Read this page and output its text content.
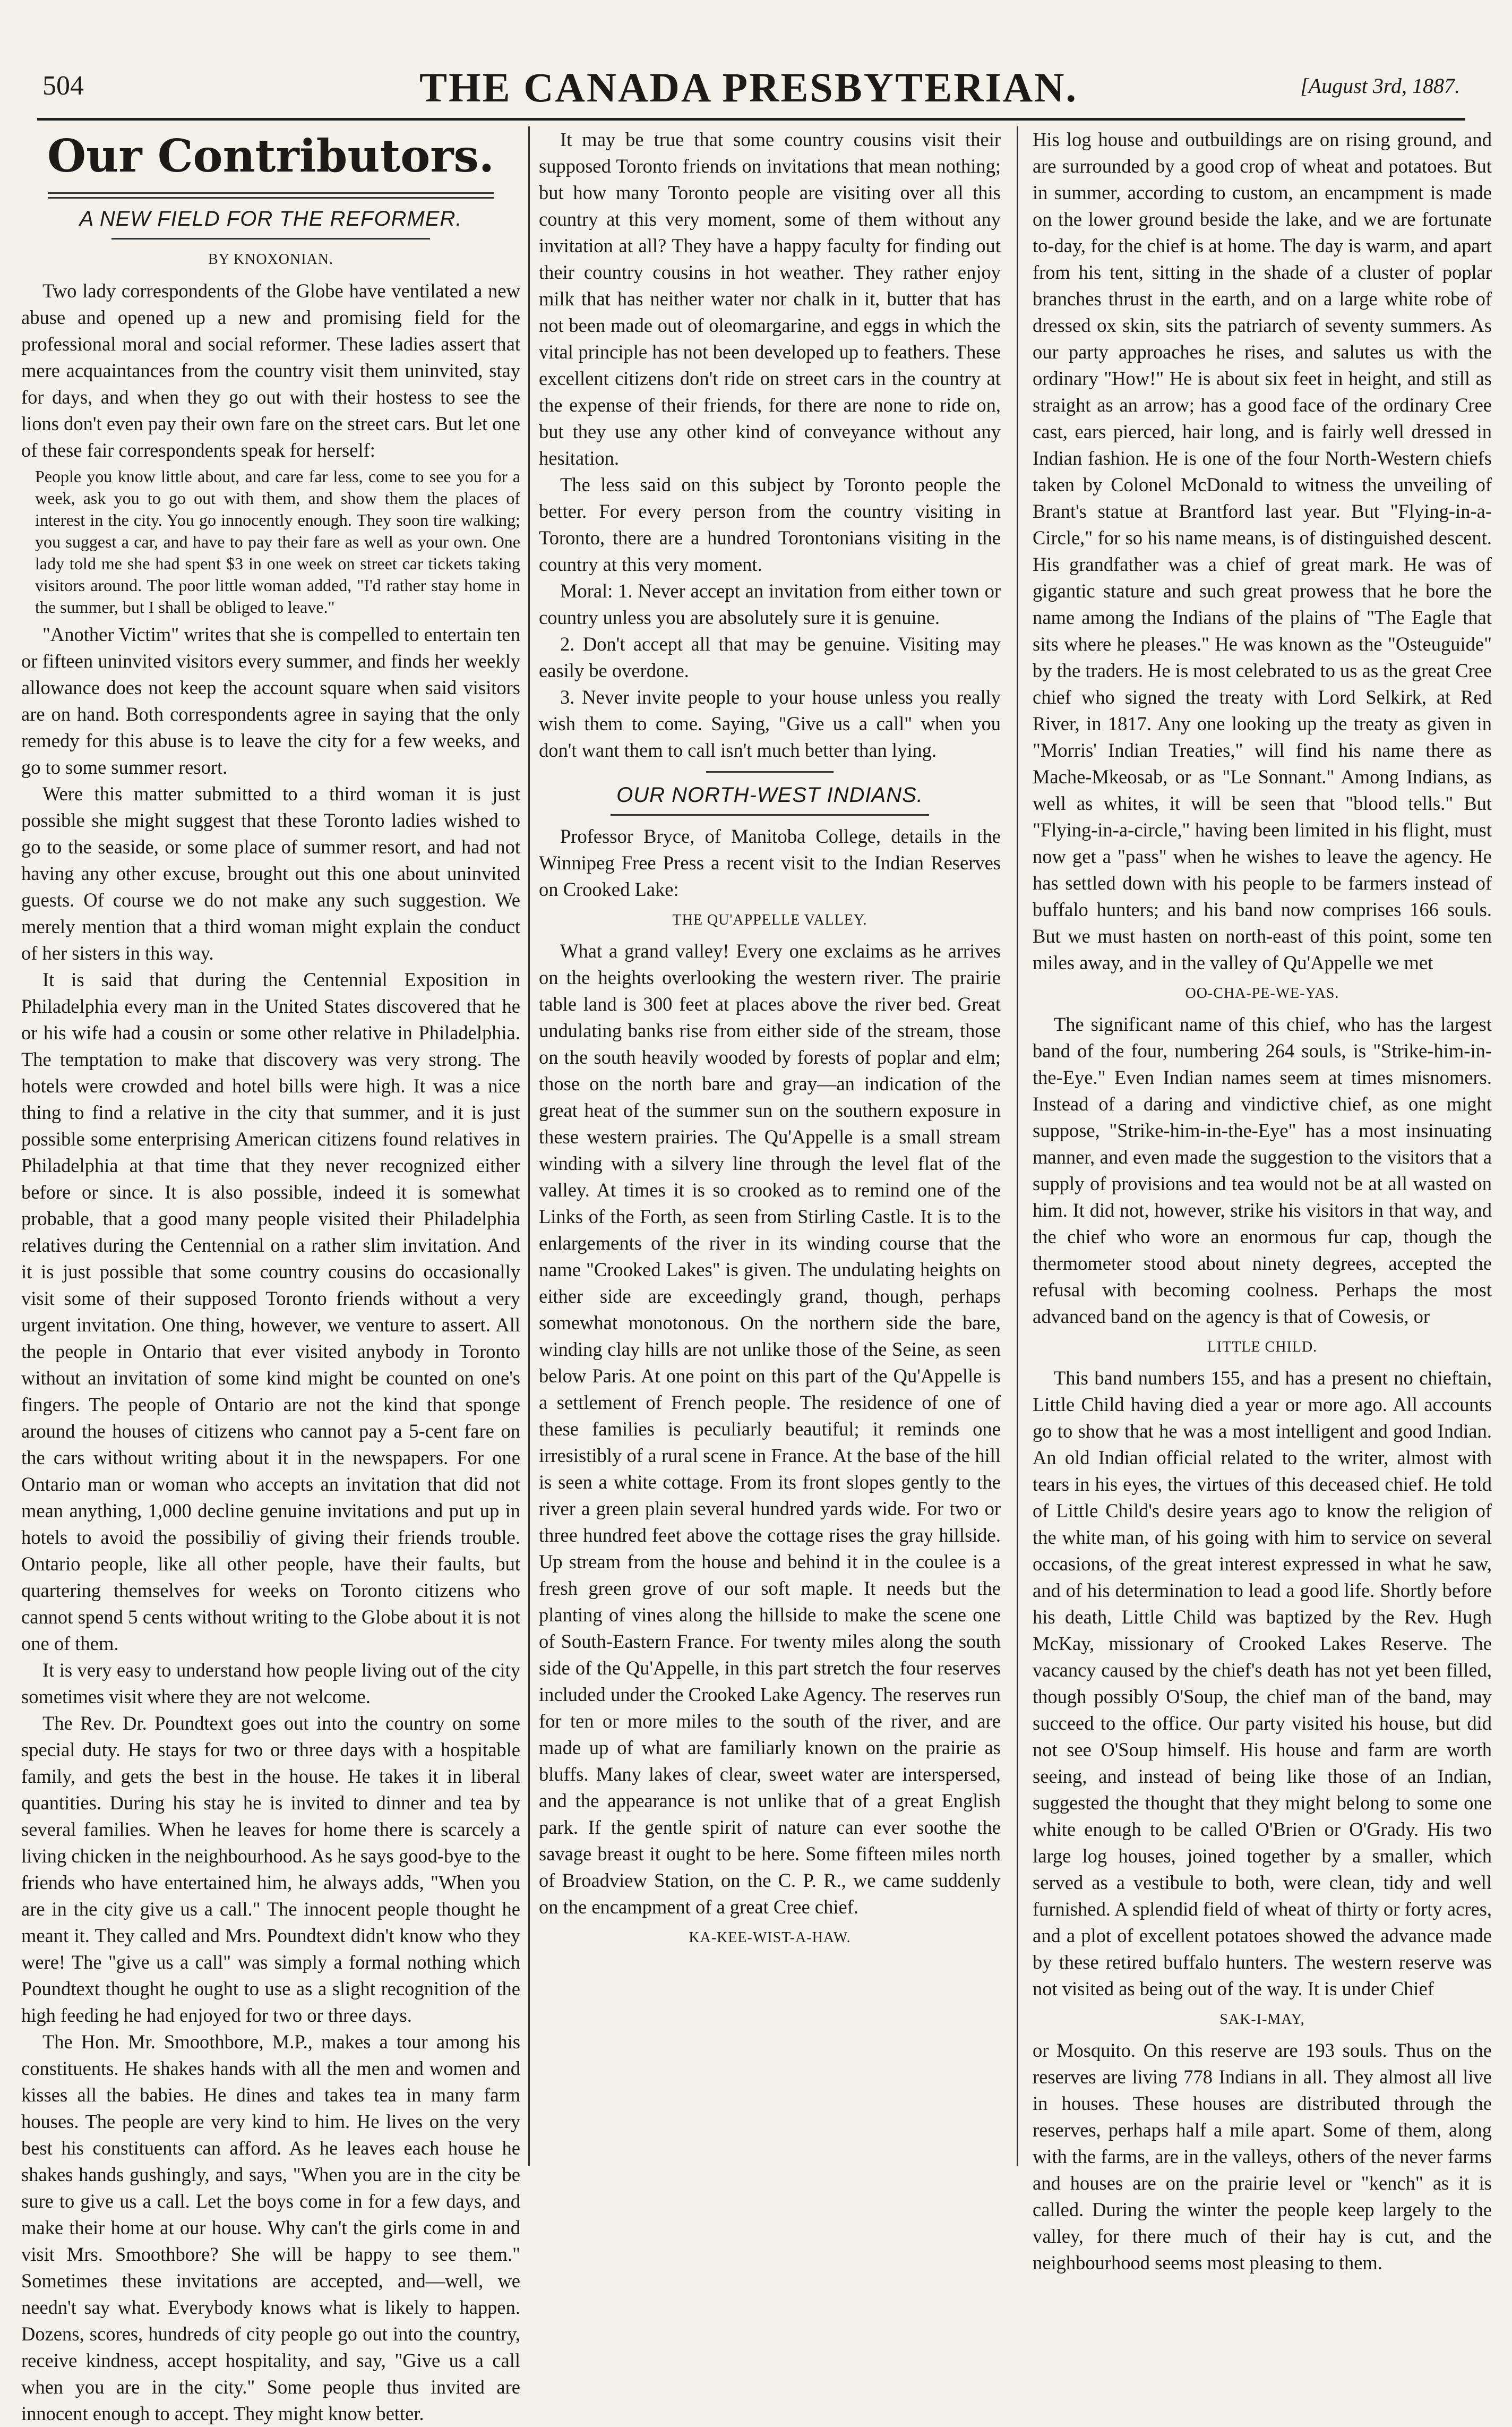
504	THE CANADA PRESBYTERIAN.	[August 3rd, 1887.
Our Contributors.
A NEW FIELD FOR THE REFORMER.
BY KNOXONIAN.

Two lady correspondents of the Globe have ventilated a new abuse and opened up a new and promising field for the professional moral and social reformer. These ladies assert that mere acquaintances from the country visit them uninvited, stay for days, and when they go out with their hostess to see the lions don't even pay their own fare on the street cars. But let one of these fair correspondents speak for herself:

People you know little about, and care far less, come to see you for a week, ask you to go out with them, and show them the places of interest in the city. You go innocently enough. They soon tire walking; you suggest a car, and have to pay their fare as well as your own. One lady told me she had spent $3 in one week on street car tickets taking visitors around. The poor little woman added, "I'd rather stay home in the summer, but I shall be obliged to leave."

"Another Victim" writes that she is compelled to entertain ten or fifteen uninvited visitors every summer, and finds her weekly allowance does not keep the account square when said visitors are on hand. Both correspondents agree in saying that the only remedy for this abuse is to leave the city for a few weeks, and go to some summer resort.

Were this matter submitted to a third woman it is just possible she might suggest that these Toronto ladies wished to go to the seaside, or some place of summer resort, and had not having any other excuse, brought out this one about uninvited guests. Of course we do not make any such suggestion. We merely mention that a third woman might explain the conduct of her sisters in this way.

It is said that during the Centennial Exposition in Philadelphia every man in the United States discovered that he or his wife had a cousin or some other relative in Philadelphia. The temptation to make that discovery was very strong. The hotels were crowded and hotel bills were high. It was a nice thing to find a relative in the city that summer, and it is just possible some enterprising American citizens found relatives in Philadelphia at that time that they never recognized either before or since. It is also possible, indeed it is somewhat probable, that a good many people visited their Philadelphia relatives during the Centennial on a rather slim invitation. And it is just possible that some country cousins do occasionally visit some of their supposed Toronto friends without a very urgent invitation. One thing, however, we venture to assert. All the people in Ontario that ever visited anybody in Toronto without an invitation of some kind might be counted on one's fingers. The people of Ontario are not the kind that sponge around the houses of citizens who cannot pay a 5-cent fare on the cars without writing about it in the newspapers. For one Ontario man or woman who accepts an invitation that did not mean anything, 1,000 decline genuine invitations and put up in hotels to avoid the possibiliy of giving their friends trouble. Ontario people, like all other people, have their faults, but quartering themselves for weeks on Toronto citizens who cannot spend 5 cents without writing to the Globe about it is not one of them.

It is very easy to understand how people living out of the city sometimes visit where they are not welcome.

The Rev. Dr. Poundtext goes out into the country on some special duty. He stays for two or three days with a hospitable family, and gets the best in the house. He takes it in liberal quantities. During his stay he is invited to dinner and tea by several families. When he leaves for home there is scarcely a living chicken in the neighbourhood. As he says good-bye to the friends who have entertained him, he always adds, "When you are in the city give us a call." The innocent people thought he meant it. They called and Mrs. Poundtext didn't know who they were! The "give us a call" was simply a formal nothing which Poundtext thought he ought to use as a slight recognition of the high feeding he had enjoyed for two or three days.

The Hon. Mr. Smoothbore, M.P., makes a tour among his constituents. He shakes hands with all the men and women and kisses all the babies. He dines and takes tea in many farm houses. The people are very kind to him. He lives on the very best his constituents can afford. As he leaves each house he shakes hands gushingly, and says, "When you are in the city be sure to give us a call. Let the boys come in for a few days, and make their home at our house. Why can't the girls come in and visit Mrs. Smoothbore? She will be happy to see them." Sometimes these invitations are accepted, and—well, we needn't say what. Everybody knows what is likely to happen. Dozens, scores, hundreds of city people go out into the country, receive kindness, accept hospitality, and say, "Give us a call when you are in the city." Some people thus invited are innocent enough to accept. They might know better.

It may be true that some country cousins visit their supposed Toronto friends on invitations that mean nothing; but how many Toronto people are visiting over all this country at this very moment, some of them without any invitation at all? They have a happy faculty for finding out their country cousins in hot weather. They rather enjoy milk that has neither water nor chalk in it, butter that has not been made out of oleomargarine, and eggs in which the vital principle has not been developed up to feathers. These excellent citizens don't ride on street cars in the country at the expense of their friends, for there are none to ride on, but they use any other kind of conveyance without any hesitation.

The less said on this subject by Toronto people the better. For every person from the country visiting in Toronto, there are a hundred Torontonians visiting in the country at this very moment.

Moral: 1. Never accept an invitation from either town or country unless you are absolutely sure it is genuine.

2. Don't accept all that may be genuine. Visiting may easily be overdone.

3. Never invite people to your house unless you really wish them to come. Saying, "Give us a call" when you don't want them to call isn't much better than lying.

OUR NORTH-WEST INDIANS.

Professor Bryce, of Manitoba College, details in the Winnipeg Free Press a recent visit to the Indian Reserves on Crooked Lake:

THE QU'APPELLE VALLEY.

What a grand valley! Every one exclaims as he arrives on the heights overlooking the western river. The prairie table land is 300 feet at places above the river bed. Great undulating banks rise from either side of the stream, those on the south heavily wooded by forests of poplar and elm; those on the north bare and gray—an indication of the great heat of the summer sun on the southern exposure in these western prairies. The Qu'Appelle is a small stream winding with a silvery line through the level flat of the valley. At times it is so crooked as to remind one of the Links of the Forth, as seen from Stirling Castle. It is to the enlargements of the river in its winding course that the name "Crooked Lakes" is given. The undulating heights on either side are exceedingly grand, though, perhaps somewhat monotonous. On the northern side the bare, winding clay hills are not unlike those of the Seine, as seen below Paris. At one point on this part of the Qu'Appelle is a settlement of French people. The residence of one of these families is peculiarly beautiful; it reminds one irresistibly of a rural scene in France. At the base of the hill is seen a white cottage. From its front slopes gently to the river a green plain several hundred yards wide. For two or three hundred feet above the cottage rises the gray hillside. Up stream from the house and behind it in the coulee is a fresh green grove of our soft maple. It needs but the planting of vines along the hillside to make the scene one of South-Eastern France. For twenty miles along the south side of the Qu'Appelle, in this part stretch the four reserves included under the Crooked Lake Agency. The reserves run for ten or more miles to the south of the river, and are made up of what are familiarly known on the prairie as bluffs. Many lakes of clear, sweet water are interspersed, and the appearance is not unlike that of a great English park. If the gentle spirit of nature can ever soothe the savage breast it ought to be here. Some fifteen miles north of Broadview Station, on the C. P. R., we came suddenly on the encampment of a great Cree chief.

KA-KEE-WIST-A-HAW.

His log house and outbuildings are on rising ground, and are surrounded by a good crop of wheat and potatoes. But in summer, according to custom, an encampment is made on the lower ground beside the lake, and we are fortunate to-day, for the chief is at home. The day is warm, and apart from his tent, sitting in the shade of a cluster of poplar branches thrust in the earth, and on a large white robe of dressed ox skin, sits the patriarch of seventy summers. As our party approaches he rises, and salutes us with the ordinary "How!" He is about six feet in height, and still as straight as an arrow; has a good face of the ordinary Cree cast, ears pierced, hair long, and is fairly well dressed in Indian fashion. He is one of the four North-Western chiefs taken by Colonel McDonald to witness the unveiling of Brant's statue at Brantford last year. But "Flying-in-a-Circle," for so his name means, is of distinguished descent. His grandfather was a chief of great mark. He was of gigantic stature and such great prowess that he bore the name among the Indians of the plains of "The Eagle that sits where he pleases." He was known as the "Osteuguide" by the traders. He is most celebrated to us as the great Cree chief who signed the treaty with Lord Selkirk, at Red River, in 1817. Any one looking up the treaty as given in "Morris' Indian Treaties," will find his name there as Mache-Mkeosab, or as "Le Sonnant." Among Indians, as well as whites, it will be seen that "blood tells." But "Flying-in-a-circle," having been limited in his flight, must now get a "pass" when he wishes to leave the agency. He has settled down with his people to be farmers instead of buffalo hunters; and his band now comprises 166 souls. But we must hasten on north-east of this point, some ten miles away, and in the valley of Qu'Appelle we met

OO-CHA-PE-WE-YAS.

The significant name of this chief, who has the largest band of the four, numbering 264 souls, is "Strike-him-in-the-Eye." Even Indian names seem at times misnomers. Instead of a daring and vindictive chief, as one might suppose, "Strike-him-in-the-Eye" has a most insinuating manner, and even made the suggestion to the visitors that a supply of provisions and tea would not be at all wasted on him. It did not, however, strike his visitors in that way, and the chief who wore an enormous fur cap, though the thermometer stood about ninety degrees, accepted the refusal with becoming coolness. Perhaps the most advanced band on the agency is that of Cowesis, or

LITTLE CHILD.

This band numbers 155, and has a present no chieftain, Little Child having died a year or more ago. All accounts go to show that he was a most intelligent and good Indian. An old Indian official related to the writer, almost with tears in his eyes, the virtues of this deceased chief. He told of Little Child's desire years ago to know the religion of the white man, of his going with him to service on several occasions, of the great interest expressed in what he saw, and of his determination to lead a good life. Shortly before his death, Little Child was baptized by the Rev. Hugh McKay, missionary of Crooked Lakes Reserve. The vacancy caused by the chief's death has not yet been filled, though possibly O'Soup, the chief man of the band, may succeed to the office. Our party visited his house, but did not see O'Soup himself. His house and farm are worth seeing, and instead of being like those of an Indian, suggested the thought that they might belong to some one white enough to be called O'Brien or O'Grady. His two large log houses, joined together by a smaller, which served as a vestibule to both, were clean, tidy and well furnished. A splendid field of wheat of thirty or forty acres, and a plot of excellent potatoes showed the advance made by these retired buffalo hunters. The western reserve was not visited as being out of the way. It is under Chief

SAK-I-MAY,

or Mosquito. On this reserve are 193 souls. Thus on the reserves are living 778 Indians in all. They almost all live in houses. These houses are distributed through the reserves, perhaps half a mile apart. Some of them, along with the farms, are in the valleys, others of the never farms and houses are on the prairie level or "kench" as it is called. During the winter the people keep largely to the valley, for there much of their hay is cut, and the neighbourhood seems most pleasing to them.
